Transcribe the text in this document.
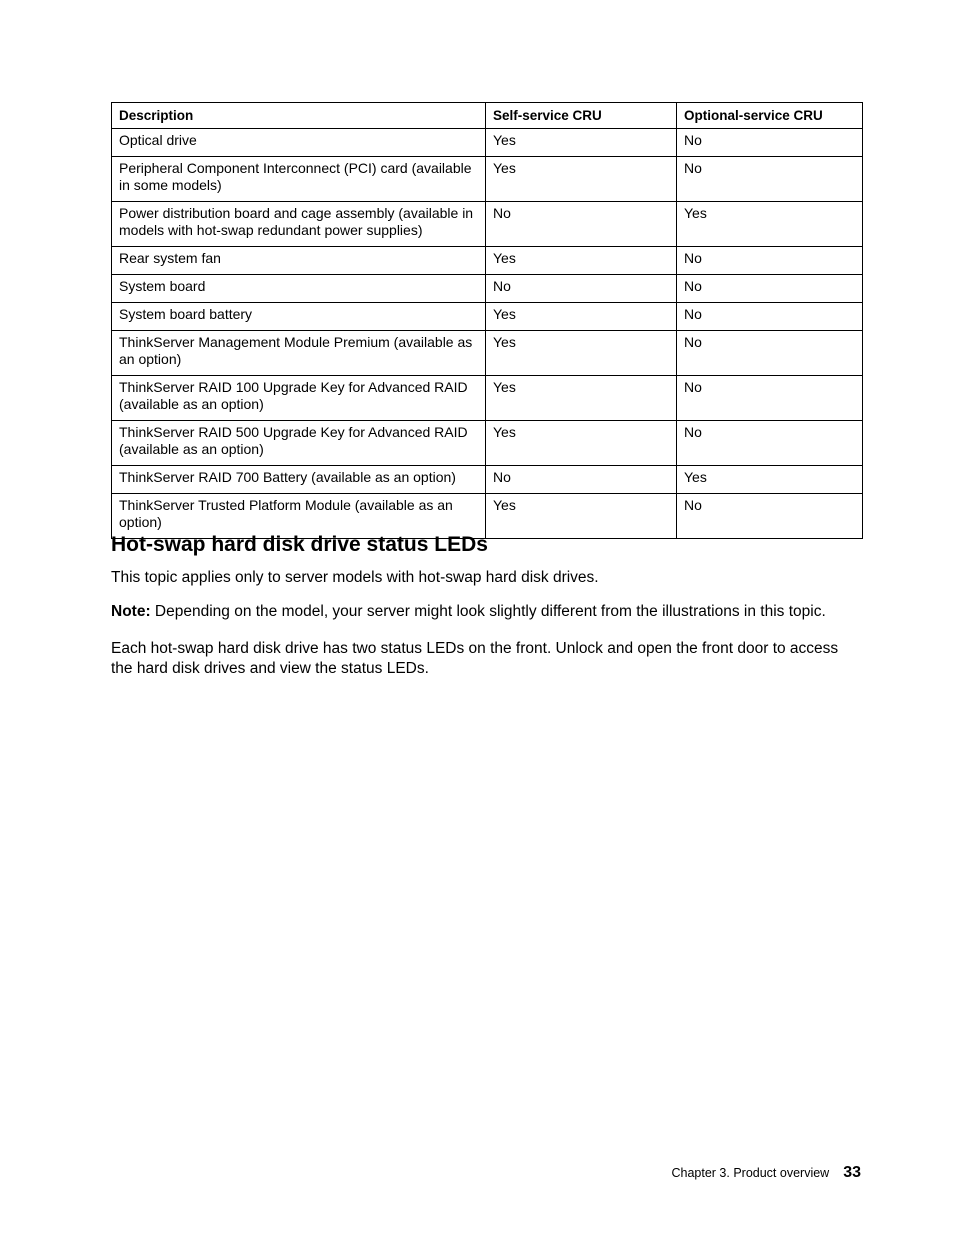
Description	Self-service CRU	Optional-service CRU
Optical drive	Yes	No
Peripheral Component Interconnect (PCI) card (available in some models)	Yes	No
Power distribution board and cage assembly (available in models with hot-swap redundant power supplies)	No	Yes
Rear system fan	Yes	No
System board	No	No
System board battery	Yes	No
ThinkServer Management Module Premium (available as an option)	Yes	No
ThinkServer RAID 100 Upgrade Key for Advanced RAID (available as an option)	Yes	No
ThinkServer RAID 500 Upgrade Key for Advanced RAID (available as an option)	Yes	No
ThinkServer RAID 700 Battery (available as an option)	No	Yes
ThinkServer Trusted Platform Module (available as an option)	Yes	No
Hot-swap hard disk drive status LEDs

This topic applies only to server models with hot-swap hard disk drives.

Note: Depending on the model, your server might look slightly different from the illustrations in this topic.

Each hot-swap hard disk drive has two status LEDs on the front. Unlock and open the front door to access the hard disk drives and view the status LEDs.

Chapter 3. Product overview 33
